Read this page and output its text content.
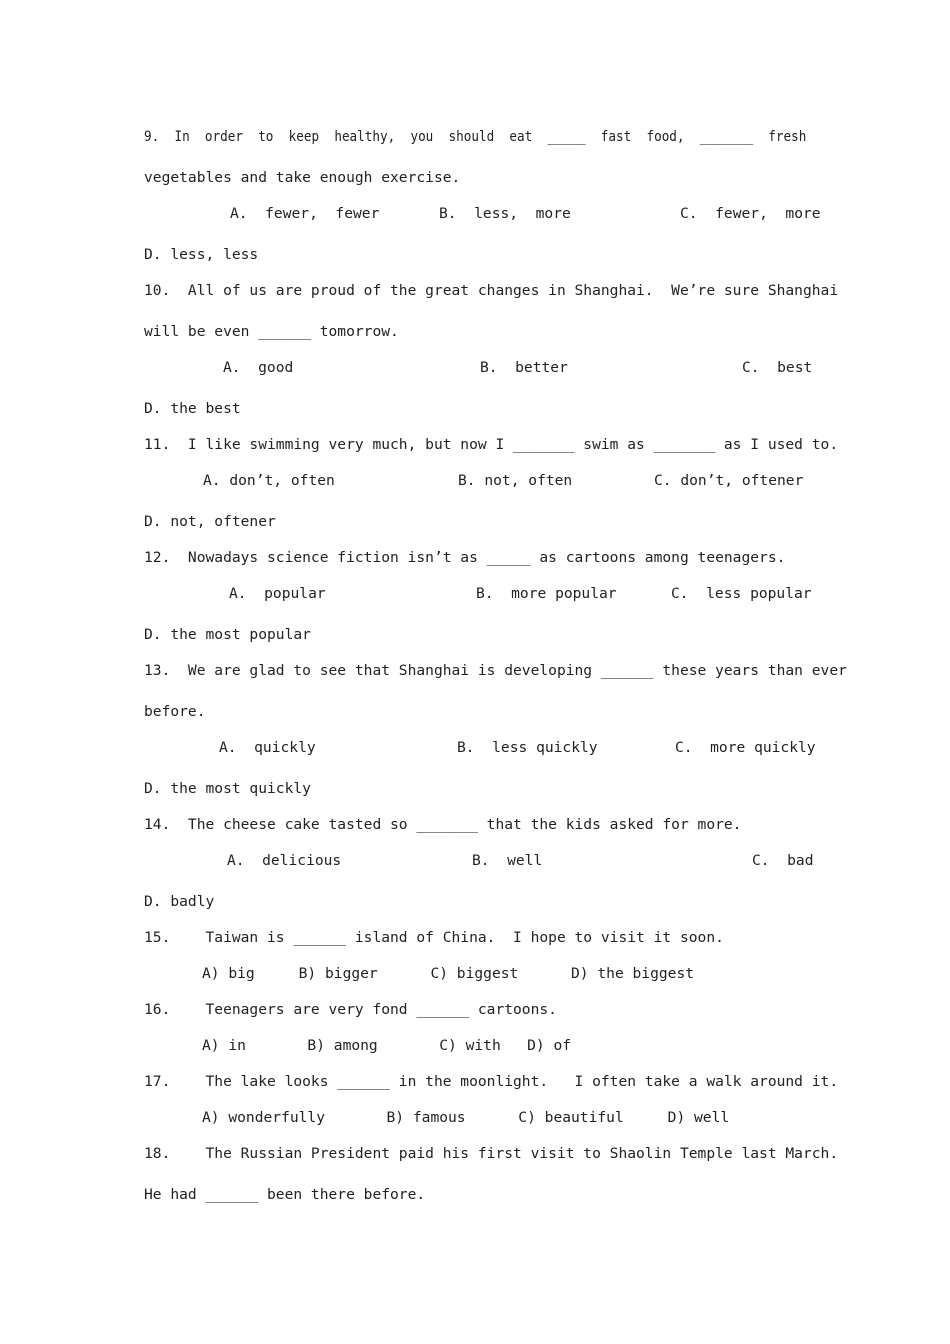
9.  In  order  to  keep  healthy,  you  should  eat  _____  fast  food,  _______  fresh
vegetables and take enough exercise.
A.  fewer,  fewer	B.  less,  more	C.  fewer,  more
D. less, less
10.  All of us are proud of the great changes in Shanghai.  We’re sure Shanghai
will be even ______ tomorrow.
A.  good	B.  better	C.  best
D. the best
11.  I like swimming very much, but now I _______ swim as _______ as I used to.
A. don’t, often	B. not, often	C. don’t, oftener
D. not, oftener
12.  Nowadays science fiction isn’t as _____ as cartoons among teenagers.
A.  popular	B.  more popular	C.  less popular
D. the most popular
13.  We are glad to see that Shanghai is developing ______ these years than ever
before.
A.  quickly	B.  less quickly	C.  more quickly
D. the most quickly
14.  The cheese cake tasted so _______ that the kids asked for more.
A.  delicious	B.  well	C.  bad
D. badly
15.    Taiwan is ______ island of China.  I hope to visit it soon.
A) big     B) bigger      C) biggest      D) the biggest
16.    Teenagers are very fond ______ cartoons.
A) in       B) among       C) with   D) of
17.    The lake looks ______ in the moonlight.   I often take a walk around it.
A) wonderfully       B) famous      C) beautiful     D) well
18.    The Russian President paid his first visit to Shaolin Temple last March.
He had ______ been there before.
